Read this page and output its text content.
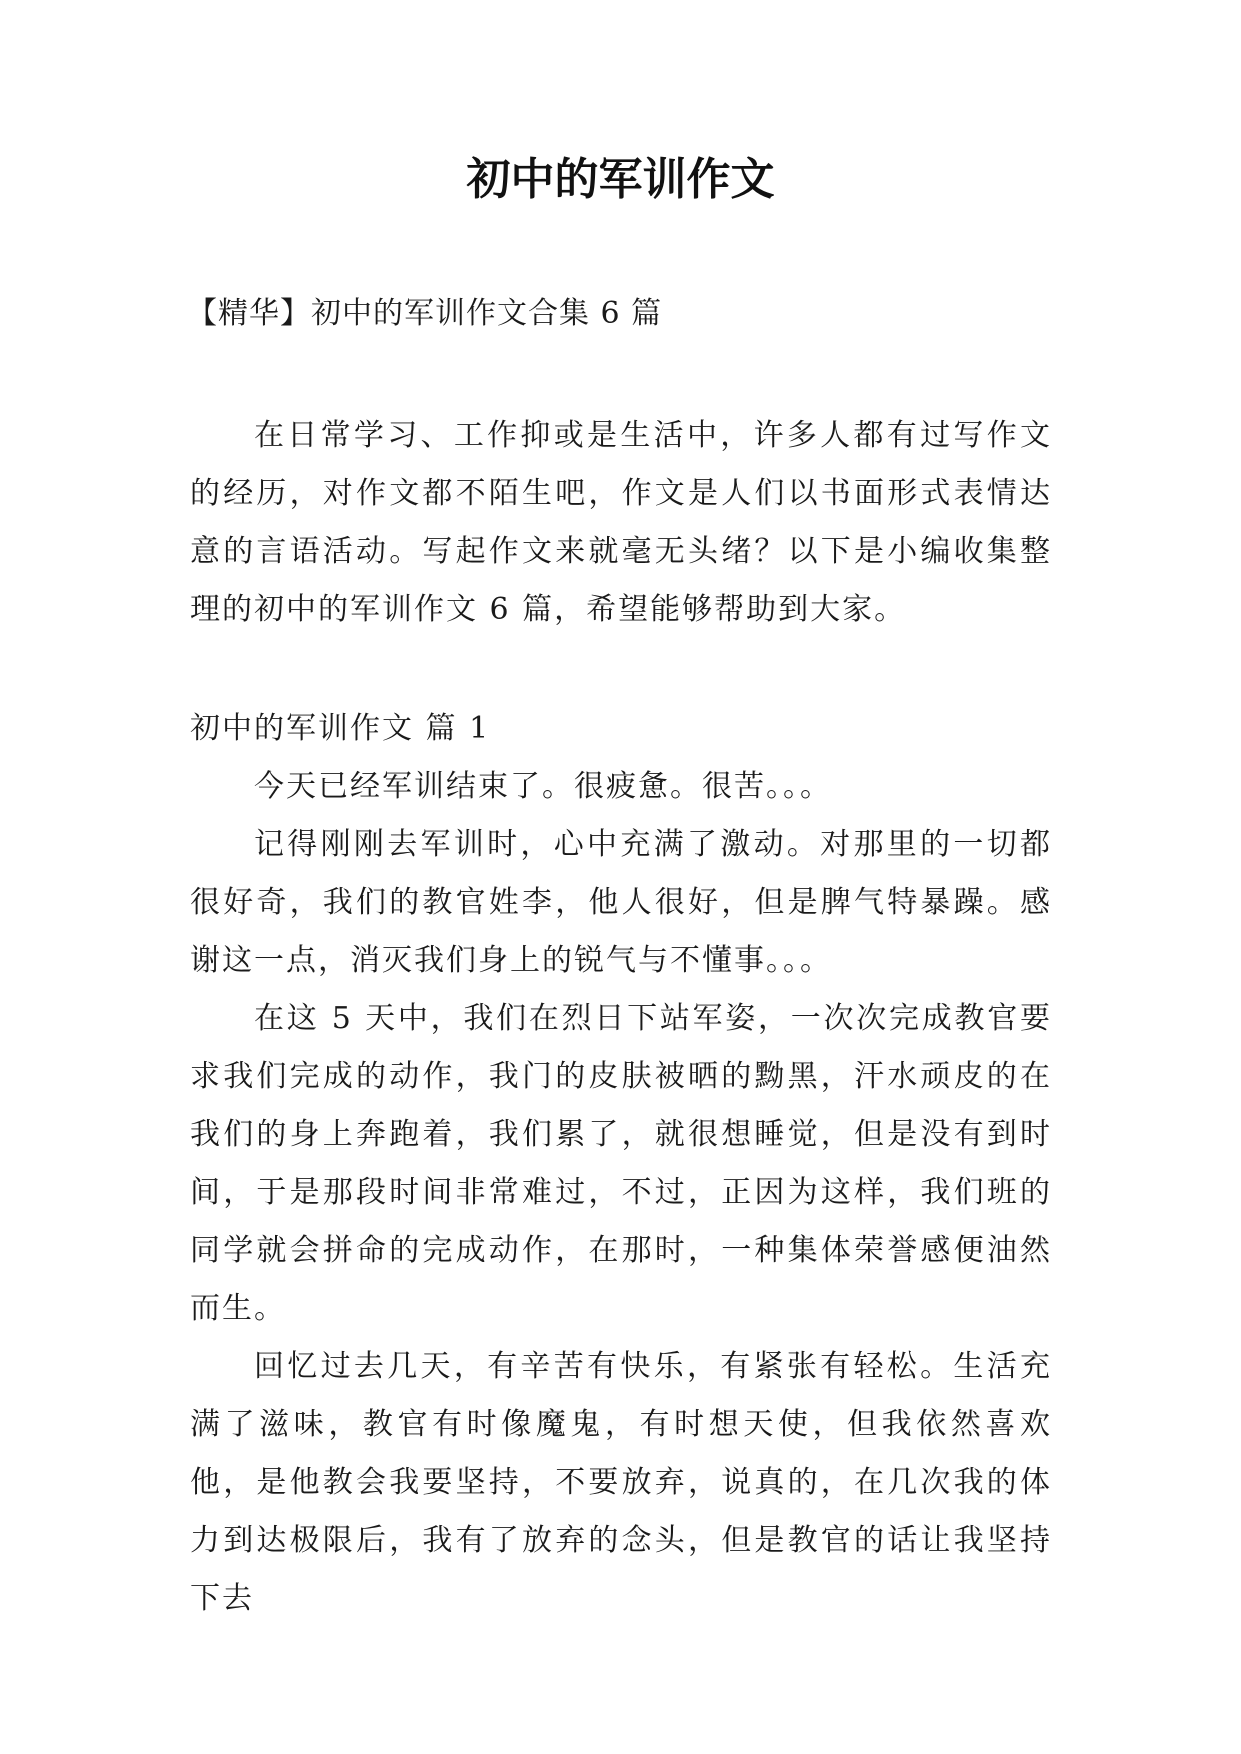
初中的军训作文

【精华】初中的军训作文合集 6 篇

在日常学习、工作抑或是生活中，许多人都有过写作文的经历，对作文都不陌生吧，作文是人们以书面形式表情达意的言语活动。写起作文来就毫无头绪？以下是小编收集整理的初中的军训作文 6 篇，希望能够帮助到大家。

初中的军训作文 篇 1

今天已经军训结束了。很疲惫。很苦。。。

记得刚刚去军训时，心中充满了激动。对那里的一切都很好奇，我们的教官姓李，他人很好，但是脾气特暴躁。感谢这一点，消灭我们身上的锐气与不懂事。。。

在这 5 天中，我们在烈日下站军姿，一次次完成教官要求我们完成的动作，我门的皮肤被晒的黝黑，汗水顽皮的在我们的身上奔跑着，我们累了，就很想睡觉，但是没有到时间，于是那段时间非常难过，不过，正因为这样，我们班的同学就会拼命的完成动作，在那时，一种集体荣誉感便油然而生。

回忆过去几天，有辛苦有快乐，有紧张有轻松。生活充满了滋味，教官有时像魔鬼，有时想天使，但我依然喜欢他，是他教会我要坚持，不要放弃，说真的，在几次我的体力到达极限后，我有了放弃的念头，但是教官的话让我坚持下去
